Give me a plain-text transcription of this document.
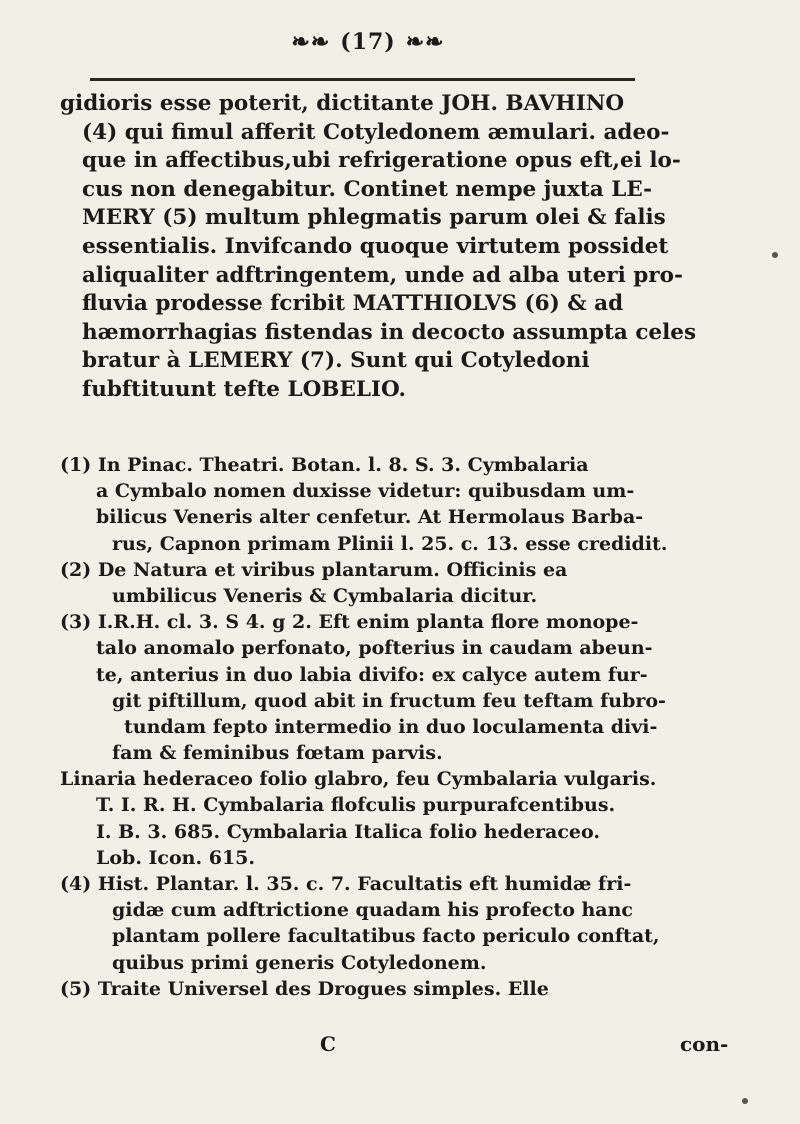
❧❧ (17) ❧❧
gidioris esse poterit, dictitante JOH. BAVHINO
(4) qui fimul afferit Cotyledonem æmulari. adeo-
que in affectibus,ubi refrigeratione opus eft,ei lo-
cus non denegabitur. Continet nempe juxta LE-
MERY (5) multum phlegmatis parum olei & falis
essentialis. Invifcando quoque virtutem possidet
aliqualiter adftringentem, unde ad alba uteri pro-
fluvia prodesse fcribit MATTHIOLVS (6) & ad
hæmorrhagias fistendas in decocto assumpta celes
bratur à LEMERY (7). Sunt qui Cotyledoni
fubftituunt tefte LOBELIO.
(1) In Pinac. Theatri. Botan. l. 8. S. 3. Cymbalaria
a Cymbalo nomen duxisse videtur: quibusdam um-
bilicus Veneris alter cenfetur. At Hermolaus Barba-
rus, Capnon primam Plinii l. 25. c. 13. esse credidit.
(2) De Natura et viribus plantarum. Officinis ea
umbilicus Veneris & Cymbalaria dicitur.
(3) I.R.H. cl. 3. S 4. g 2. Eft enim planta flore monope-
talo anomalo perfonato, pofterius in caudam abeun-
te, anterius in duo labia divifo: ex calyce autem fur-
git piftillum, quod abit in fructum feu teftam fubro-
tundam fepto intermedio in duo loculamenta divi-
fam & feminibus fœtam parvis.
Linaria hederaceo folio glabro, feu Cymbalaria vulgaris.
T. I. R. H. Cymbalaria flofculis purpurafcentibus.
I. B. 3. 685. Cymbalaria Italica folio hederaceo.
Lob. Icon. 615.
(4) Hist. Plantar. l. 35. c. 7. Facultatis eft humidæ fri-
gidæ cum adftrictione quadam his profecto hanc
plantam pollere facultatibus facto periculo conftat,
quibus primi generis Cotyledonem.
(5) Traite Universel des Drogues simples. Elle
C	con-
